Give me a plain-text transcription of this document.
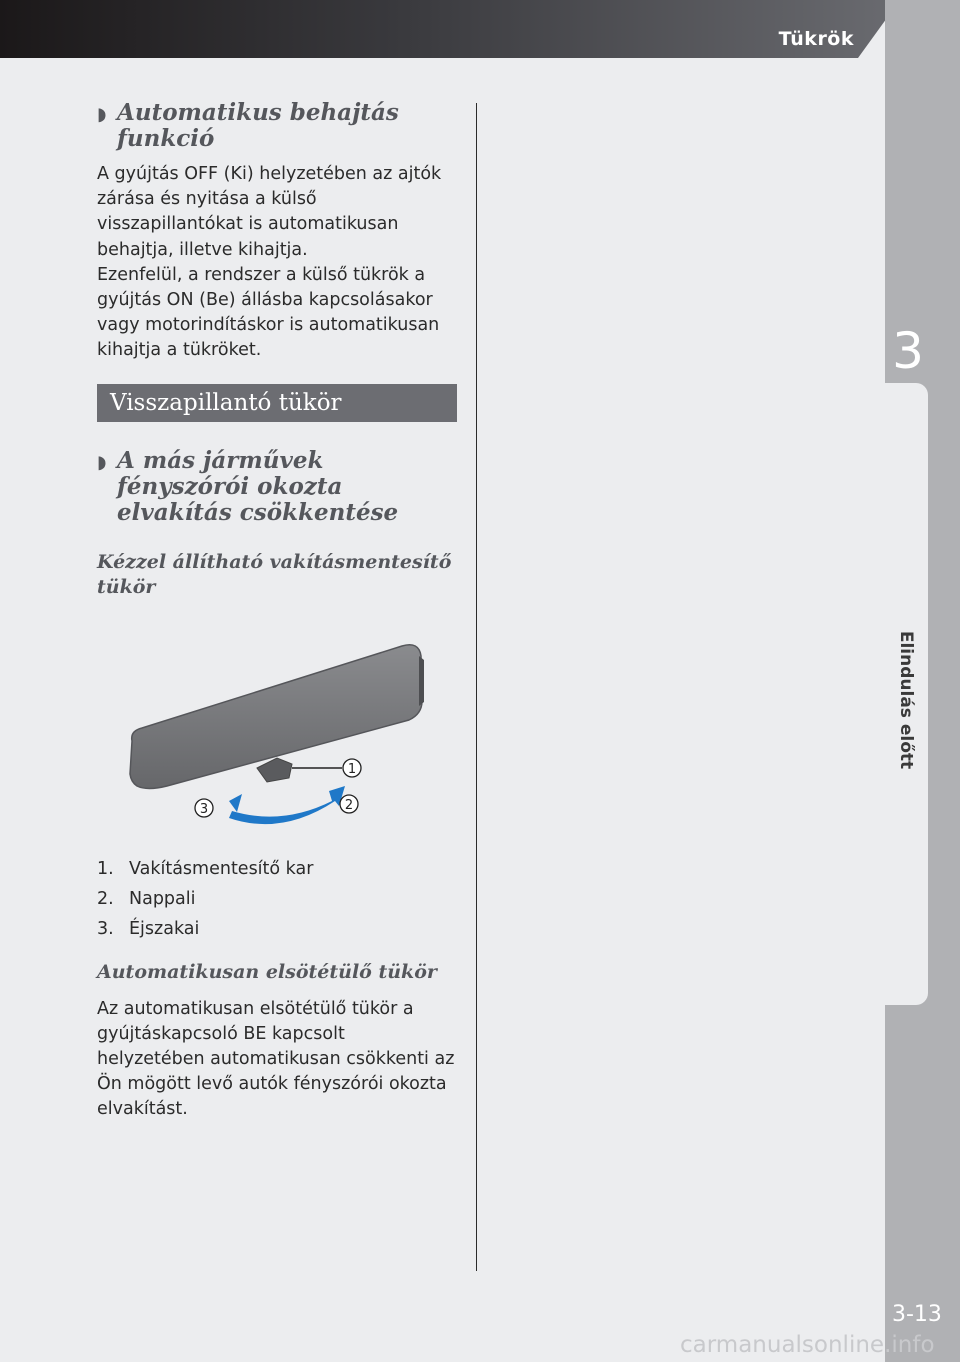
Tükrök
3
Elindulás előtt
3-13
◗ Automatikus behajtás funkció

A gyújtás OFF (Ki) helyzetében az ajtók zárása és nyitása a külső visszapillantókat is automatikusan behajtja, illetve kihajtja.

Ezenfelül, a rendszer a külső tükrök a gyújtás ON (Be) állásba kapcsolásakor vagy motorindításkor is automatikusan kihajtja a tükröket.

Visszapillantó tükör
◗ A más járművek fényszórói okozta elvakítás csökkentése
Kézzel állítható vakításmentesítő tükör
1
2
3
1. Vakításmentesítő kar
2. Nappali
3. Éjszakai
Automatikusan elsötétülő tükör

Az automatikusan elsötétülő tükör a gyújtáskapcsoló BE kapcsolt helyzetében automatikusan csökkenti az Ön mögött levő autók fényszórói okozta elvakítást.

carmanualsonline.info
